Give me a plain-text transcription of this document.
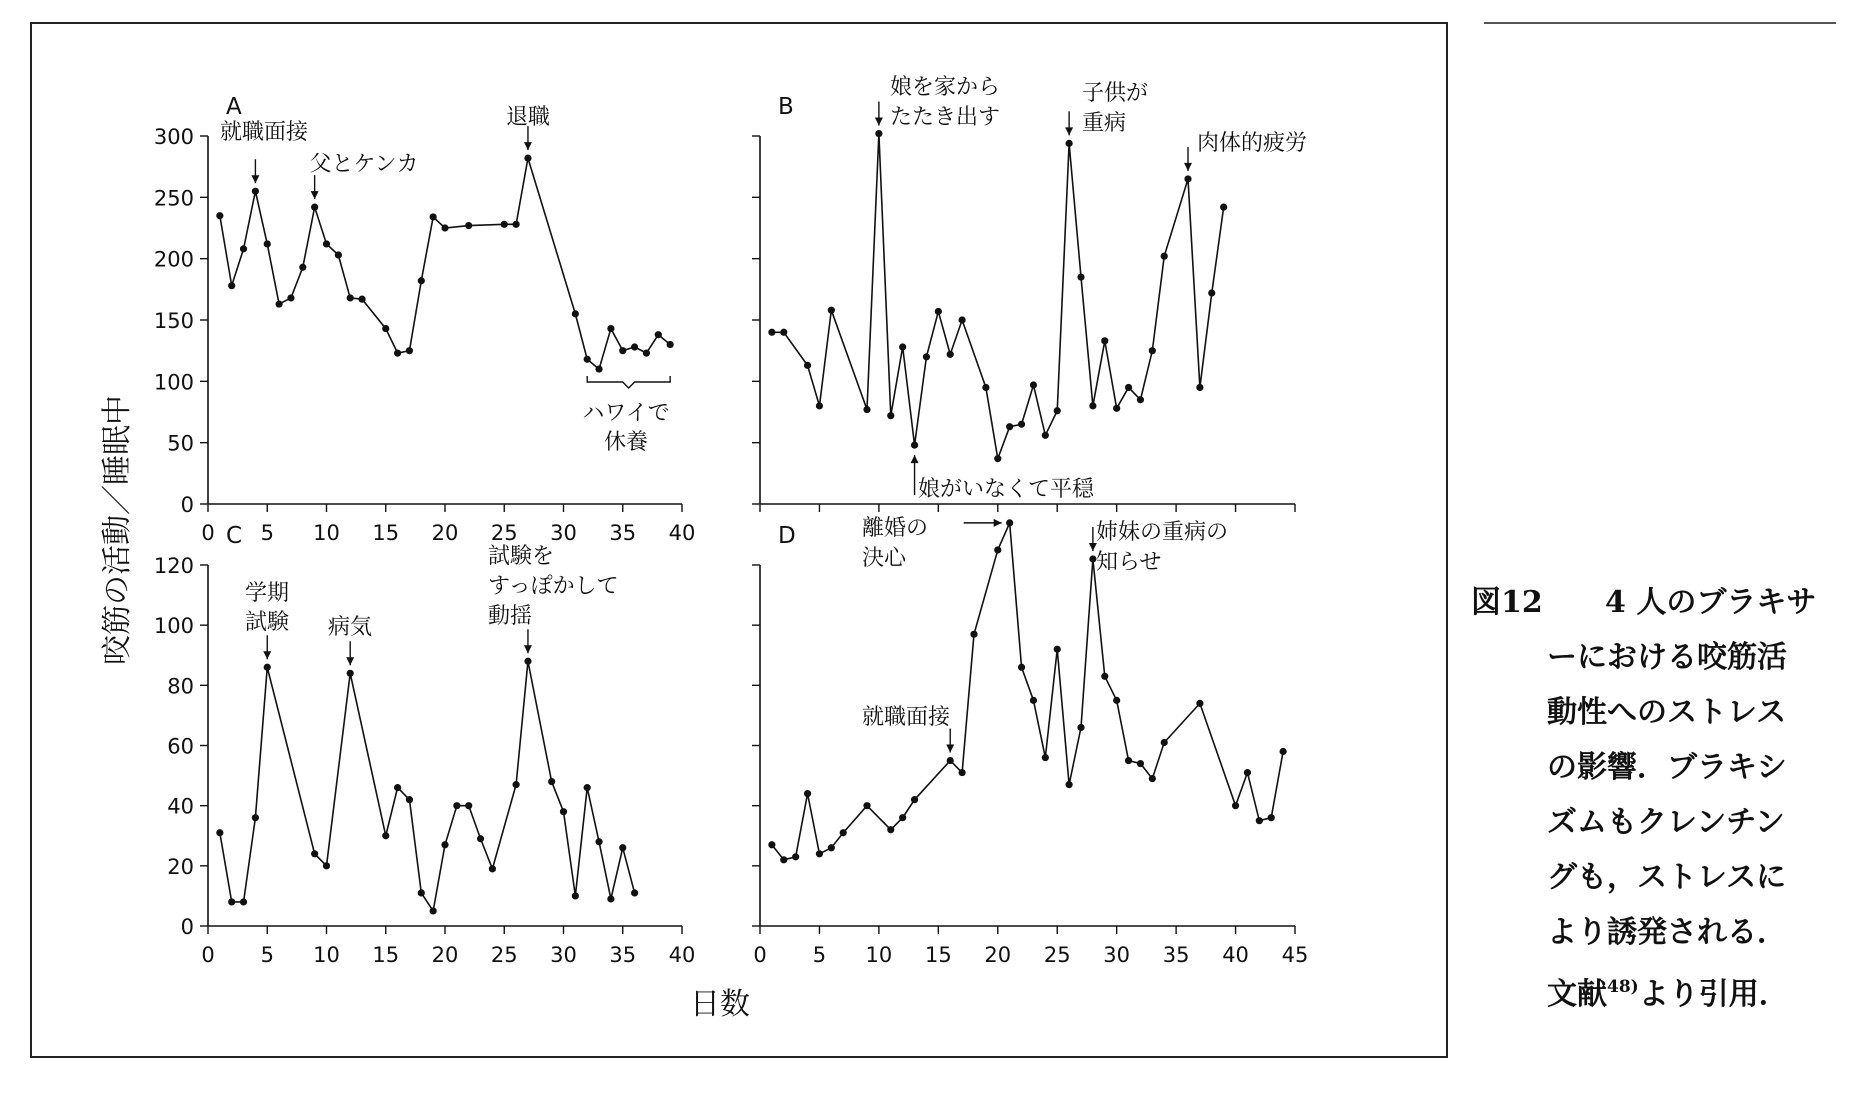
0
50
100
150
200
250
300
0 5 10 15 20 25 30 35 40
A
就職面接
父とケンカ
退職
ハワイで
休養
B
娘を家から
たたき出す
子供が
重病
肉体的疲労
娘がいなくて平穏
0
20
40
60
80
100
120
0 5 10 15 20 25 30 35 40
C
学期
試験 病気
試験を
すっぽかして
動揺
0 5 10 15 20 25 30 35 40 45
D	離婚の
決心
姉妹の重病の
知らせ
就職面接
日数
咬筋の活動／睡眠中	図12	4 人のブラキサ
ーにおける咬筋活
動性へのストレス
の影響．ブラキシ
ズムもクレンチン
グも，ストレスに
より誘発される．
文献$^{48)}$より引用．
